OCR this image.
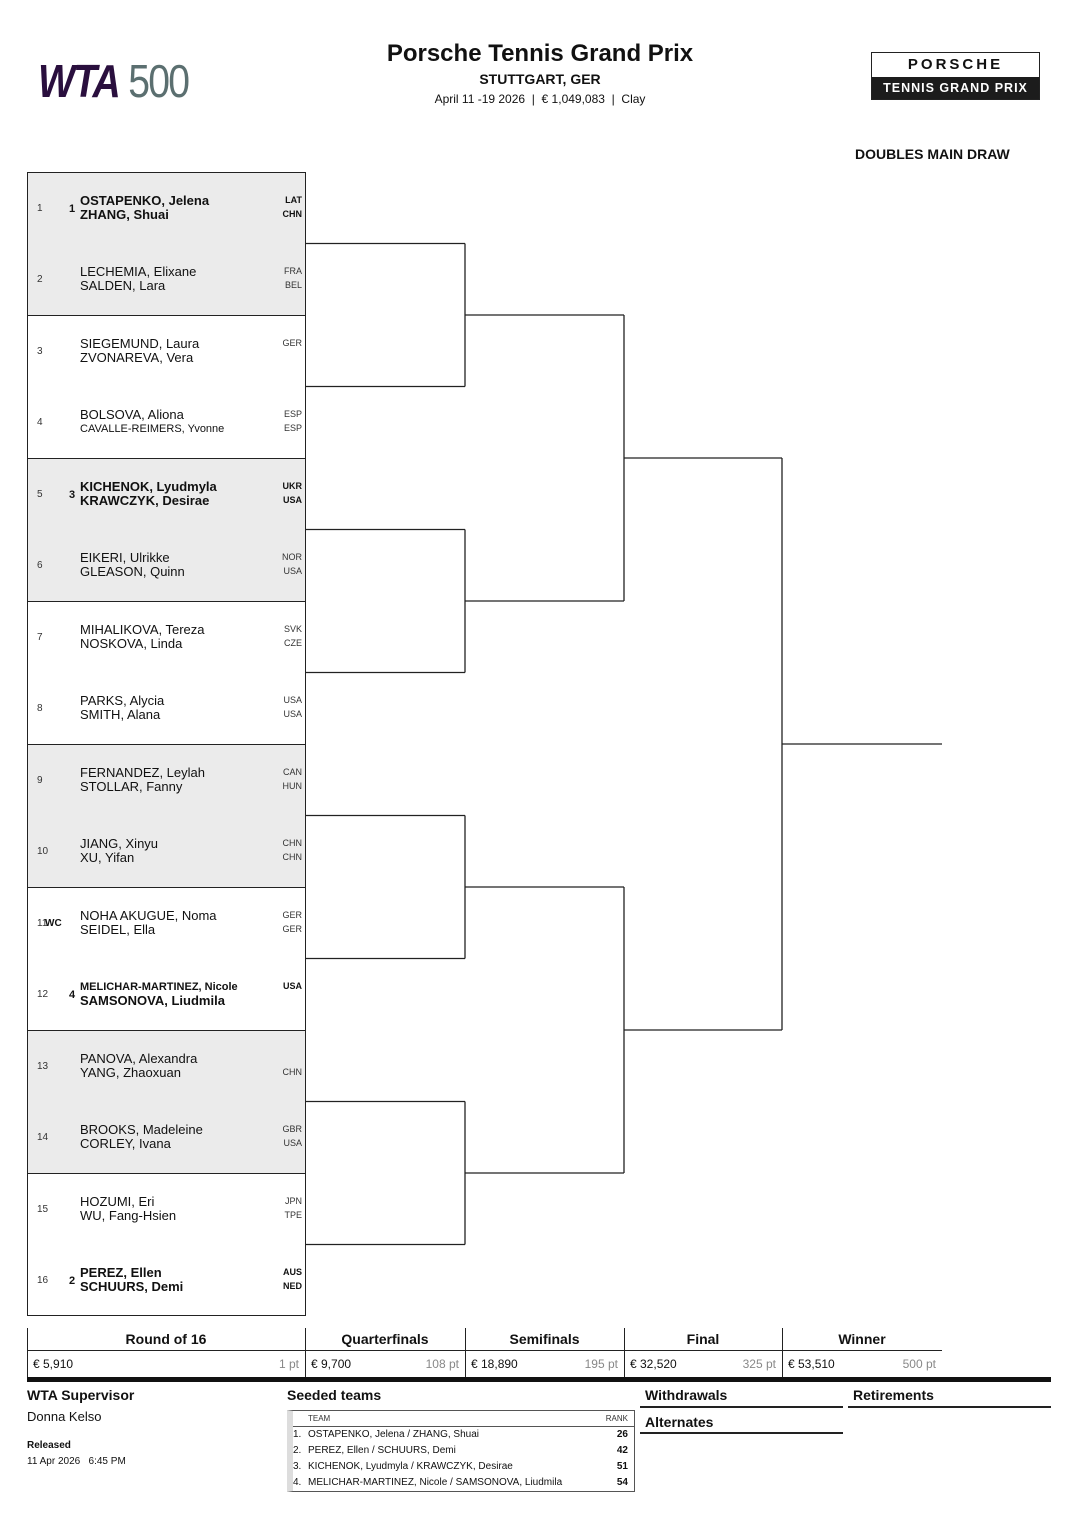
WTA 500
Porsche Tennis Grand Prix
STUTTGART, GER
April 11 -19 2026  |  € 1,049,083  |  Clay
PORSCHE
TENNIS GRAND PRIX
DOUBLES MAIN DRAW
1 1
OSTAPENKO, Jelena	LAT
ZHANG, Shuai	CHN
2
LECHEMIA, Elixane	FRA
SALDEN, Lara	BEL
3
SIEGEMUND, Laura	GER
ZVONAREVA, Vera
4
BOLSOVA, Aliona	ESP
CAVALLE-REIMERS, Yvonne	ESP
5 3
KICHENOK, Lyudmyla	UKR
KRAWCZYK, Desirae	USA
6
EIKERI, Ulrikke	NOR
GLEASON, Quinn	USA
7
MIHALIKOVA, Tereza	SVK
NOSKOVA, Linda	CZE
8
PARKS, Alycia	USA
SMITH, Alana	USA
9
FERNANDEZ, Leylah	CAN
STOLLAR, Fanny	HUN
10
JIANG, Xinyu	CHN
XU, Yifan	CHN
11
WC
NOHA AKUGUE, Noma	GER
SEIDEL, Ella	GER
12 4
MELICHAR-MARTINEZ, Nicole	USA
SAMSONOVA, Liudmila
13
PANOVA, Alexandra
YANG, Zhaoxuan	CHN
14
BROOKS, Madeleine	GBR
CORLEY, Ivana	USA
15
HOZUMI, Eri	JPN
WU, Fang-Hsien	TPE
16 2
PEREZ, Ellen	AUS
SCHUURS, Demi	NED
Round of 16
€ 5,910	1 pt
Quarterfinals
€ 9,700	108 pt
Semifinals
€ 18,890	195 pt
Final
€ 32,520	325 pt
Winner
€ 53,510	500 pt
WTA Supervisor
Donna Kelso
Released
11 Apr 2026   6:45 PM
Seeded teams
TEAM	RANK
1. OSTAPENKO, Jelena / ZHANG, Shuai	26
2. PEREZ, Ellen / SCHUURS, Demi	42
3. KICHENOK, Lyudmyla / KRAWCZYK, Desirae	51
4. MELICHAR-MARTINEZ, Nicole / SAMSONOVA, Liudmila	54
Withdrawals
Alternates
Retirements
